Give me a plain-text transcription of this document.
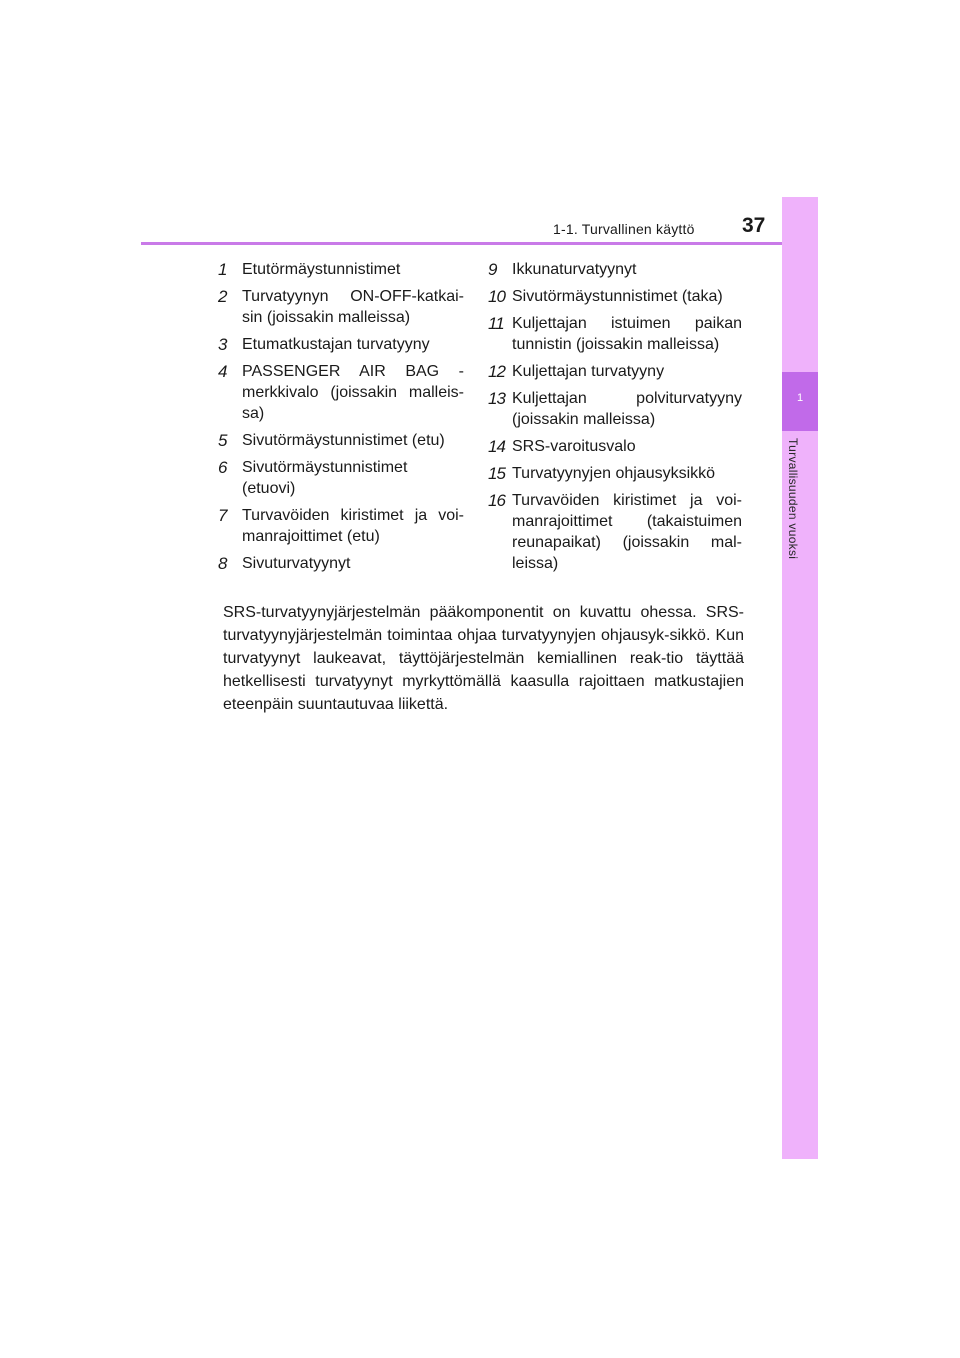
1-1. Turvallinen käyttö 37
1
Turvallisuuden vuoksi
1 Etutörmäystunnistimet
2 Turvatyynyn ON-OFF-katkai-sin (joissakin malleissa)
3 Etumatkustajan turvatyyny
4 PASSENGER AIR BAG -merkkivalo (joissakin malleis-sa)
5 Sivutörmäystunnistimet (etu)
6 Sivutörmäystunnistimet (etuovi)
7 Turvavöiden kiristimet ja voi-manrajoittimet (etu)
8 Sivuturvatyynyt
9 Ikkunaturvatyynyt
10 Sivutörmäystunnistimet (taka)
11 Kuljettajan istuimen paikan tunnistin (joissakin malleissa)
12 Kuljettajan turvatyyny
13 Kuljettajan polviturvatyyny (joissakin malleissa)
14 SRS-varoitusvalo
15 Turvatyynyjen ohjausyksikkö
16 Turvavöiden kiristimet ja voi-manrajoittimet (takaistuimen reunapaikat) (joissakin mal-leissa)

SRS-turvatyynyjärjestelmän pääkomponentit on kuvattu ohessa. SRS-turvatyynyjärjestelmän toimintaa ohjaa turvatyynyjen ohjausyk-sikkö. Kun turvatyynyt laukeavat, täyttöjärjestelmän kemiallinen reak-tio täyttää hetkellisesti turvatyynyt myrkyttömällä kaasulla rajoittaen matkustajien eteenpäin suuntautuvaa liikettä.
